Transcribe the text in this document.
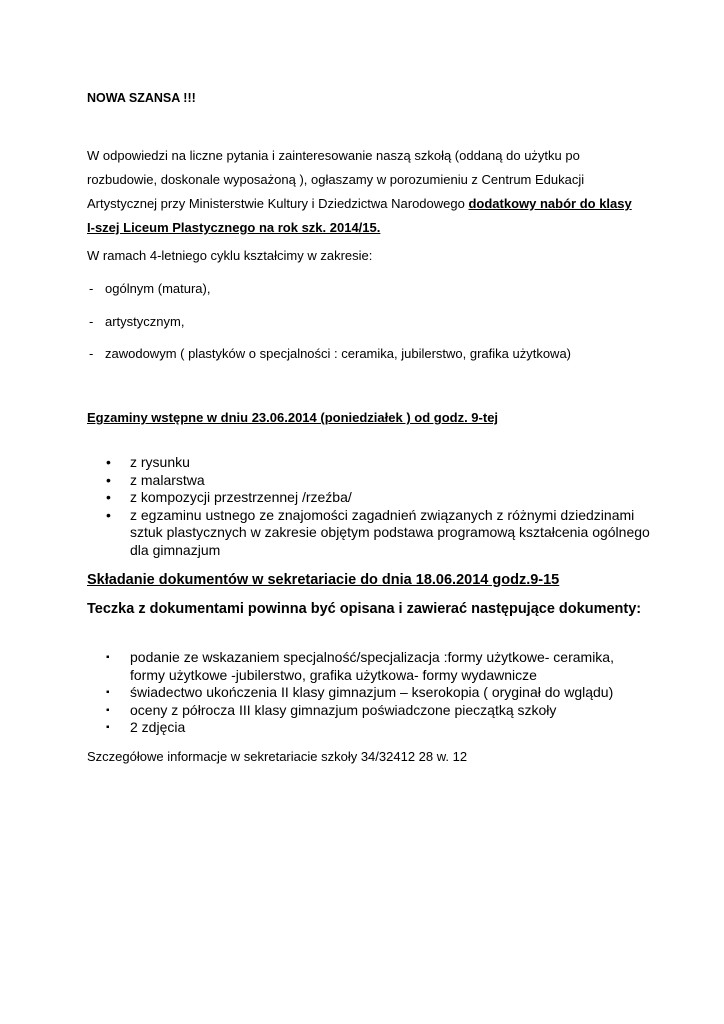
NOWA SZANSA !!!
W odpowiedzi na liczne pytania i zainteresowanie naszą szkołą (oddaną do użytku po rozbudowie, doskonale wyposażoną ), ogłaszamy w porozumieniu z Centrum Edukacji Artystycznej przy Ministerstwie Kultury i Dziedzictwa Narodowego dodatkowy nabór do klasy I-szej Liceum Plastycznego na rok szk. 2014/15.
W ramach 4-letniego cyklu kształcimy w zakresie:
- ogólnym (matura),
- artystycznym,
- zawodowym ( plastyków o specjalności : ceramika, jubilerstwo, grafika użytkowa)
Egzaminy wstępne w dniu 23.06.2014 (poniedziałek ) od godz. 9-tej
• z rysunku
• z malarstwa
• z kompozycji przestrzennej /rzeźba/
• z egzaminu ustnego ze znajomości zagadnień związanych z różnymi dziedzinami sztuk plastycznych w zakresie objętym podstawa programową kształcenia ogólnego dla gimnazjum
Składanie dokumentów w sekretariacie do dnia 18.06.2014 godz.9-15
Teczka z dokumentami powinna być opisana i zawierać następujące dokumenty:
▪ podanie ze wskazaniem specjalność/specjalizacja :formy użytkowe- ceramika, formy użytkowe -jubilerstwo, grafika użytkowa- formy wydawnicze
▪ świadectwo ukończenia II klasy gimnazjum – kserokopia ( oryginał do wglądu)
▪ oceny z półrocza III klasy gimnazjum poświadczone pieczątką szkoły
▪ 2 zdjęcia
Szczegółowe informacje w sekretariacie szkoły 34/32412 28 w. 12
